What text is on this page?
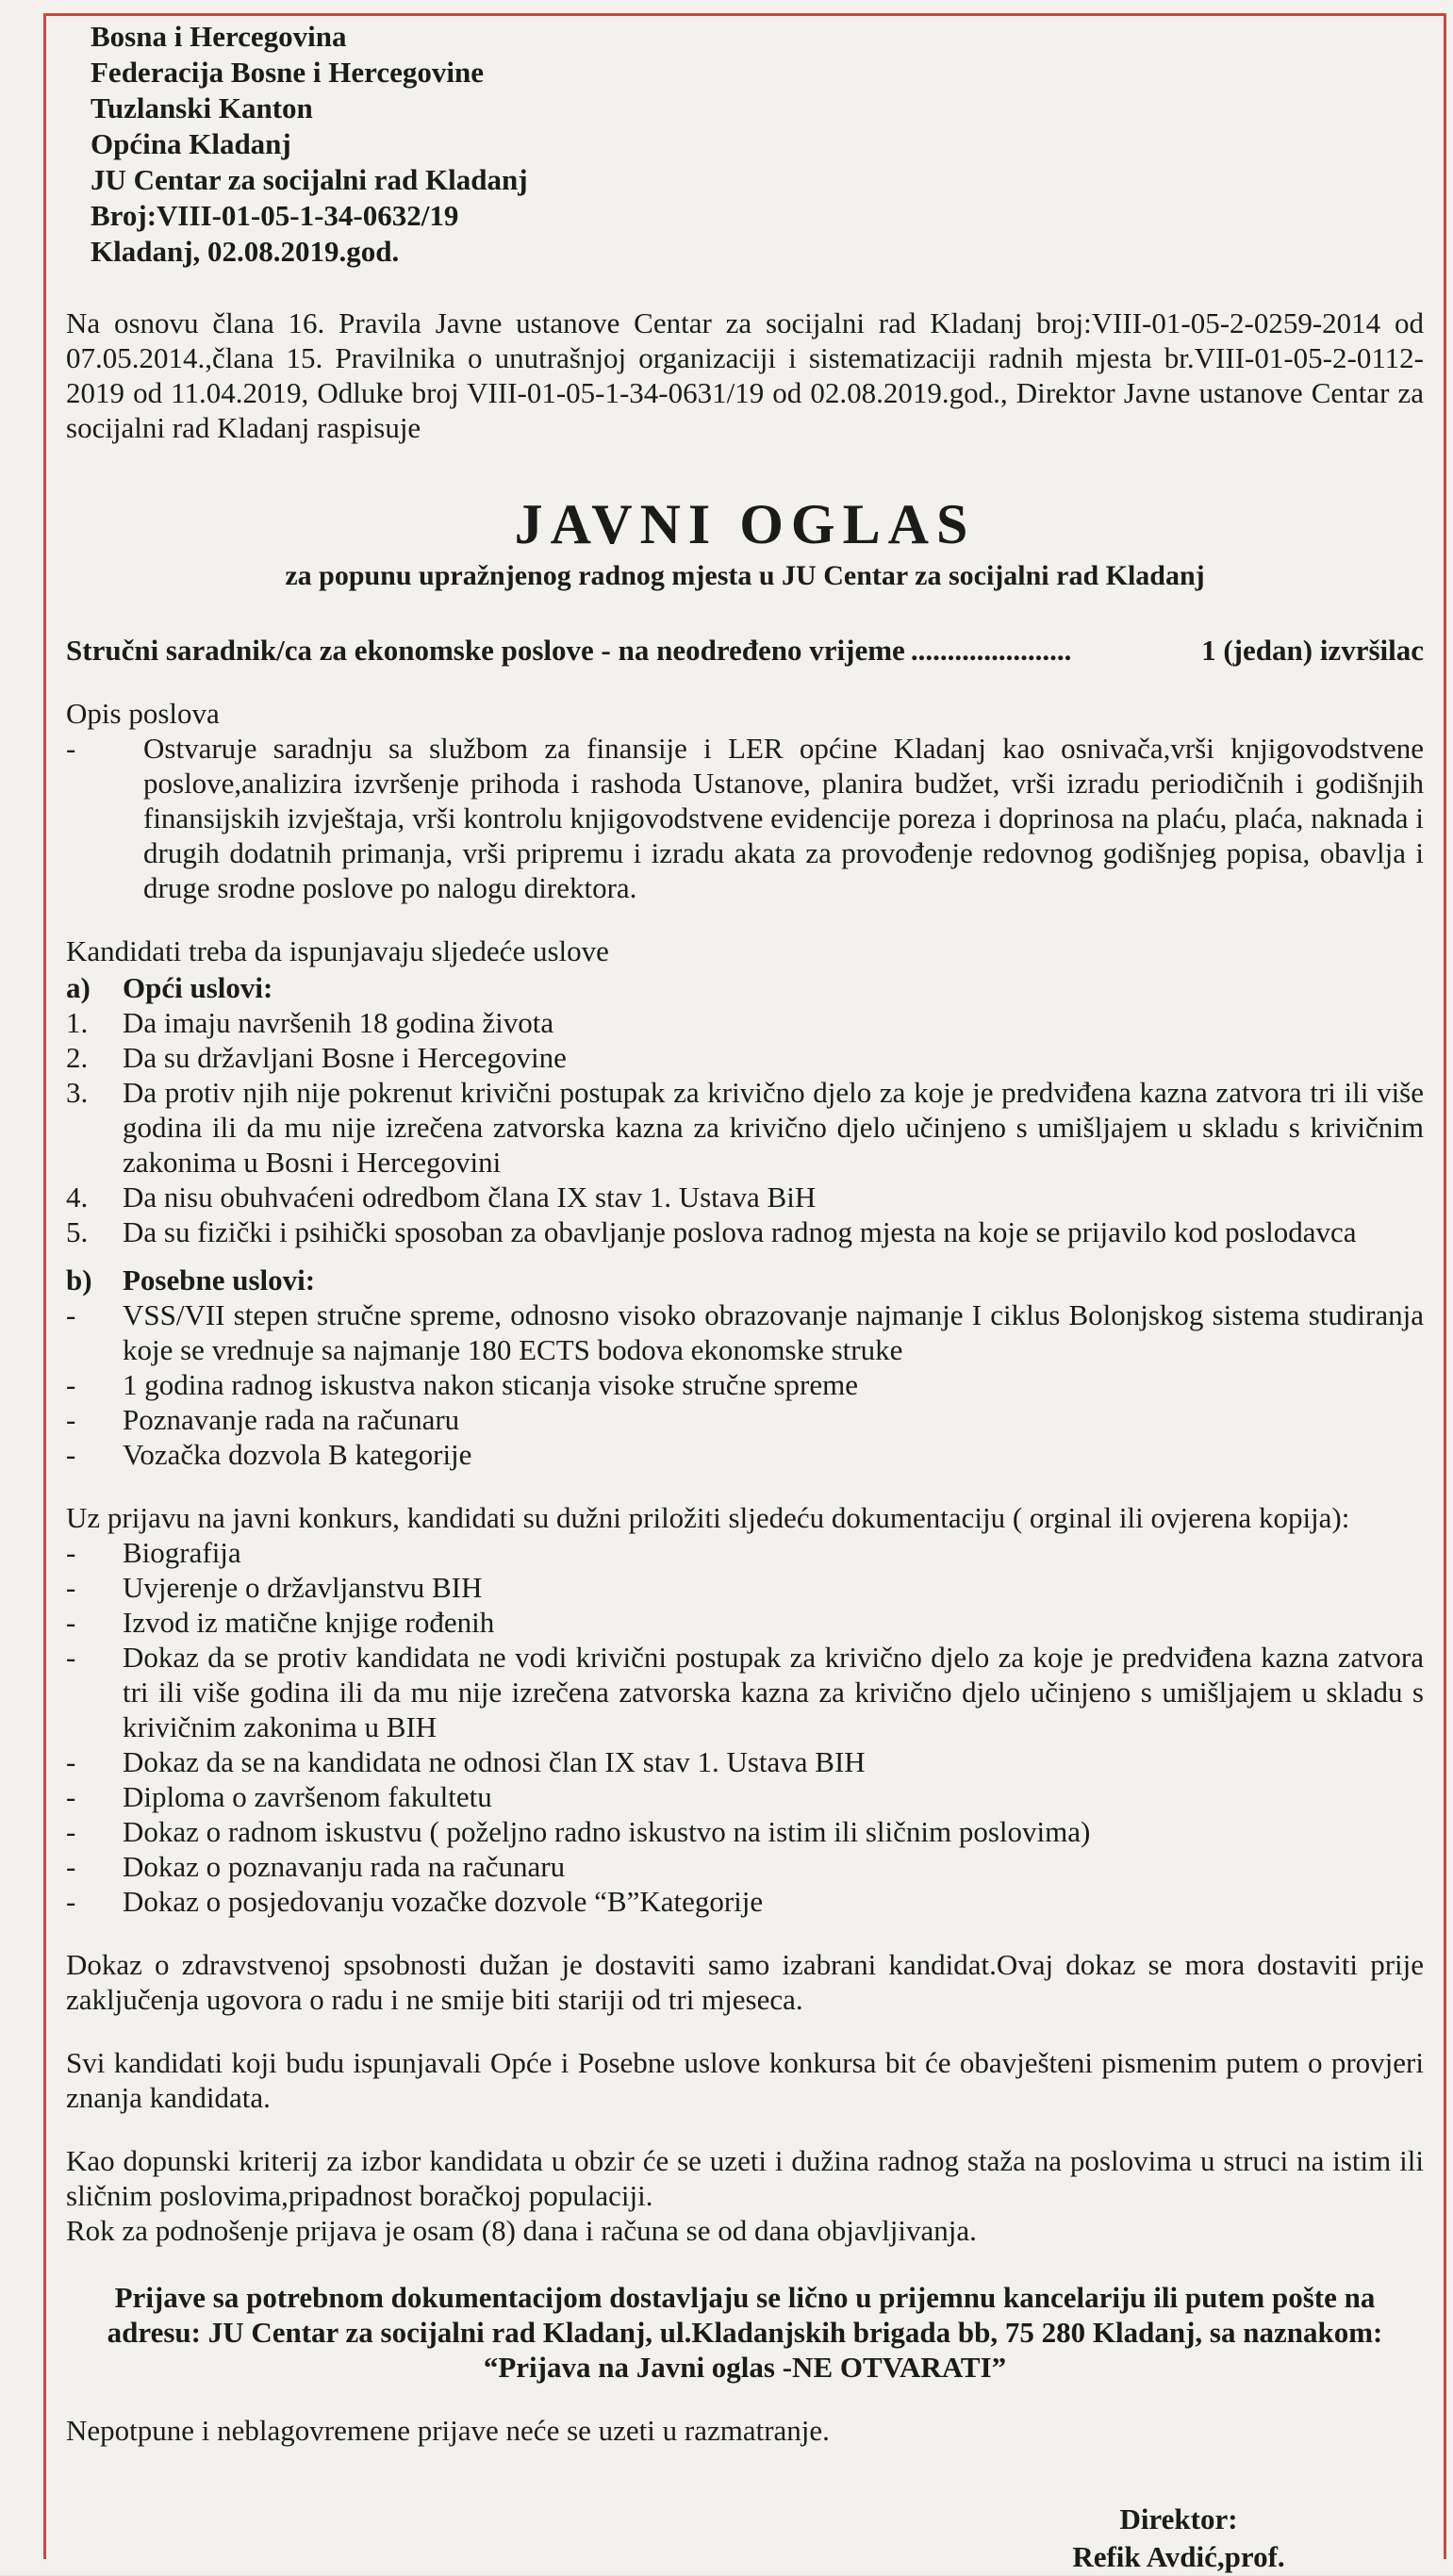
Bosna i Hercegovina
Federacija Bosne i Hercegovine
Tuzlanski Kanton
Općina Kladanj
JU Centar za socijalni rad Kladanj
Broj:VIII-01-05-1-34-0632/19
Kladanj, 02.08.2019.god.

Na osnovu člana 16. Pravila Javne ustanove Centar za socijalni rad Kladanj broj:VIII-01-05-2-0259-2014 od 07.05.2014.,člana 15. Pravilnika o unutrašnjoj organizaciji i sistematizaciji radnih mjesta br.VIII-01-05-2-0112-2019 od 11.04.2019, Odluke broj VIII-01-05-1-34-0631/19 od 02.08.2019.god., Direktor Javne ustanove Centar za socijalni rad Kladanj raspisuje

JAVNI OGLAS
za popunu upražnjenog radnog mjesta u JU Centar za socijalni rad Kladanj
Stručni saradnik/ca za ekonomske poslove - na neodređeno vrijeme ......................	1 (jedan) izvršilac
Opis poslova
-	Ostvaruje saradnju sa službom za finansije i LER općine Kladanj kao osnivača,vrši knjigovodstvene poslove,analizira izvršenje prihoda i rashoda Ustanove, planira budžet, vrši izradu periodičnih i godišnjih finansijskih izvještaja, vrši kontrolu knjigovodstvene evidencije poreza i doprinosa na plaću, plaća, naknada i drugih dodatnih primanja, vrši pripremu i izradu akata za provođenje redovnog godišnjeg popisa, obavlja i druge srodne poslove po nalogu direktora.
Kandidati treba da ispunjavaju sljedeće uslove
a)	Opći uslovi:
1.	Da imaju navršenih 18 godina života
2.	Da su državljani Bosne i Hercegovine
3.	Da protiv njih nije pokrenut krivični postupak za krivično djelo za koje je predviđena kazna zatvora tri ili više godina ili da mu nije izrečena zatvorska kazna za krivično djelo učinjeno s umišljajem u skladu s krivičnim zakonima u Bosni i Hercegovini
4.	Da nisu obuhvaćeni odredbom člana IX stav 1. Ustava BiH
5.	Da su fizički i psihički sposoban za obavljanje poslova radnog mjesta na koje se prijavilo kod poslodavca
b)	Posebne uslovi:
-	VSS/VII stepen stručne spreme, odnosno visoko obrazovanje najmanje I ciklus Bolonjskog sistema studiranja koje se vrednuje sa najmanje 180 ECTS bodova ekonomske struke
-	1 godina radnog iskustva nakon sticanja visoke stručne spreme
-	Poznavanje rada na računaru
-	Vozačka dozvola B kategorije
Uz prijavu na javni konkurs, kandidati su dužni priložiti sljedeću dokumentaciju ( orginal ili ovjerena kopija):
-	Biografija
-	Uvjerenje o državljanstvu BIH
-	Izvod iz matične knjige rođenih
-	Dokaz da se protiv kandidata ne vodi krivični postupak za krivično djelo za koje je predviđena kazna zatvora tri ili više godina ili da mu nije izrečena zatvorska kazna za krivično djelo učinjeno s umišljajem u skladu s krivičnim zakonima u BIH
-	Dokaz da se na kandidata ne odnosi član IX stav 1. Ustava BIH
-	Diploma o završenom fakultetu
-	Dokaz o radnom iskustvu ( poželjno radno iskustvo na istim ili sličnim poslovima)
-	Dokaz o poznavanju rada na računaru
-	Dokaz o posjedovanju vozačke dozvole “B”Kategorije

Dokaz o zdravstvenoj spsobnosti dužan je dostaviti samo izabrani kandidat.Ovaj dokaz se mora dostaviti prije zaključenja ugovora o radu i ne smije biti stariji od tri mjeseca.

Svi kandidati koji budu ispunjavali Opće i Posebne uslove konkursa bit će obavješteni pismenim putem o provjeri znanja kandidata.

Kao dopunski kriterij za izbor kandidata u obzir će se uzeti i dužina radnog staža na poslovima u struci na istim ili sličnim poslovima,pripadnost boračkoj populaciji.

Rok za podnošenje prijava je osam (8) dana i računa se od dana objavljivanja.

Prijave sa potrebnom dokumentacijom dostavljaju se lično u prijemnu kancelariju ili putem pošte na adresu: JU Centar za socijalni rad Kladanj, ul.Kladanjskih brigada bb, 75 280 Kladanj, sa naznakom: “Prijava na Javni oglas -NE OTVARATI”

Nepotpune i neblagovremene prijave neće se uzeti u razmatranje.

Direktor:
Refik Avdić,prof.
